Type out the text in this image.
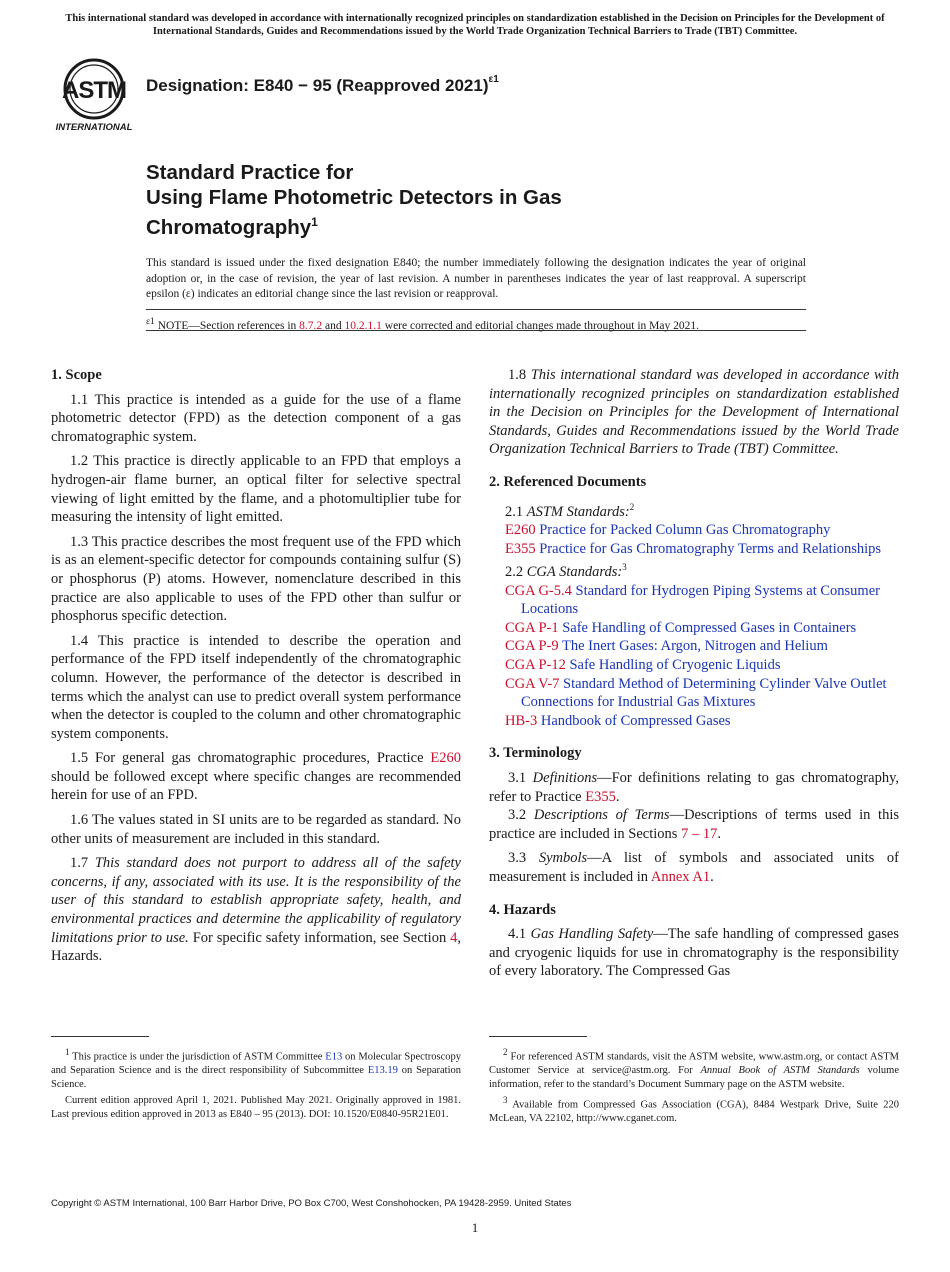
This international standard was developed in accordance with internationally recognized principles on standardization established in the Decision on Principles for the Development of International Standards, Guides and Recommendations issued by the World Trade Organization Technical Barriers to Trade (TBT) Committee.
ASTM
INTERNATIONAL
Designation: E840 − 95 (Reapproved 2021)$^{\varepsilon 1}$
Standard Practice for
Using Flame Photometric Detectors in Gas
Chromatography$^1$
This standard is issued under the fixed designation E840; the number immediately following the designation indicates the year of original adoption or, in the case of revision, the year of last revision. A number in parentheses indicates the year of last reapproval. A superscript epsilon (ε) indicates an editorial change since the last revision or reapproval.
$^{\varepsilon 1}$ NOTE—Section references in 8.7.2 and 10.2.1.1 were corrected and editorial changes made throughout in May 2021.
1. Scope

1.1 This practice is intended as a guide for the use of a flame photometric detector (FPD) as the detection component of a gas chromatographic system.

1.2 This practice is directly applicable to an FPD that employs a hydrogen-air flame burner, an optical filter for selective spectral viewing of light emitted by the flame, and a photomultiplier tube for measuring the intensity of light emitted.

1.3 This practice describes the most frequent use of the FPD which is as an element-specific detector for compounds containing sulfur (S) or phosphorus (P) atoms. However, nomenclature described in this practice are also applicable to uses of the FPD other than sulfur or phosphorus specific detection.

1.4 This practice is intended to describe the operation and performance of the FPD itself independently of the chromatographic column. However, the performance of the detector is described in terms which the analyst can use to predict overall system performance when the detector is coupled to the column and other chromatographic system components.

1.5 For general gas chromatographic procedures, Practice E260 should be followed except where specific changes are recommended herein for use of an FPD.

1.6 The values stated in SI units are to be regarded as standard. No other units of measurement are included in this standard.

1.7 This standard does not purport to address all of the safety concerns, if any, associated with its use. It is the responsibility of the user of this standard to establish appropriate safety, health, and environmental practices and determine the applicability of regulatory limitations prior to use. For specific safety information, see Section 4, Hazards.

1.8 This international standard was developed in accordance with internationally recognized principles on standardization established in the Decision on Principles for the Development of International Standards, Guides and Recommendations issued by the World Trade Organization Technical Barriers to Trade (TBT) Committee.

2. Referenced Documents

2.1 ASTM Standards:$^2$

E260 Practice for Packed Column Gas Chromatography

E355 Practice for Gas Chromatography Terms and Relationships

2.2 CGA Standards:$^3$

CGA G-5.4 Standard for Hydrogen Piping Systems at Consumer Locations

CGA P-1 Safe Handling of Compressed Gases in Containers

CGA P-9 The Inert Gases: Argon, Nitrogen and Helium

CGA P-12 Safe Handling of Cryogenic Liquids

CGA V-7 Standard Method of Determining Cylinder Valve Outlet Connections for Industrial Gas Mixtures

HB-3 Handbook of Compressed Gases

3. Terminology

3.1 Definitions—For definitions relating to gas chromatography, refer to Practice E355.

3.2 Descriptions of Terms—Descriptions of terms used in this practice are included in Sections 7 – 17.

3.3 Symbols—A list of symbols and associated units of measurement is included in Annex A1.

4. Hazards

4.1 Gas Handling Safety—The safe handling of compressed gases and cryogenic liquids for use in chromatography is the responsibility of every laboratory. The Compressed Gas

$^1$ This practice is under the jurisdiction of ASTM Committee E13 on Molecular Spectroscopy and Separation Science and is the direct responsibility of Subcommittee E13.19 on Separation Science.

Current edition approved April 1, 2021. Published May 2021. Originally approved in 1981. Last previous edition approved in 2013 as E840 – 95 (2013). DOI: 10.1520/E0840-95R21E01.

$^2$ For referenced ASTM standards, visit the ASTM website, www.astm.org, or contact ASTM Customer Service at service@astm.org. For Annual Book of ASTM Standards volume information, refer to the standard’s Document Summary page on the ASTM website.

$^3$ Available from Compressed Gas Association (CGA), 8484 Westpark Drive, Suite 220 McLean, VA 22102, http://www.cganet.com.

Copyright © ASTM International, 100 Barr Harbor Drive, PO Box C700, West Conshohocken, PA 19428-2959. United States
1
